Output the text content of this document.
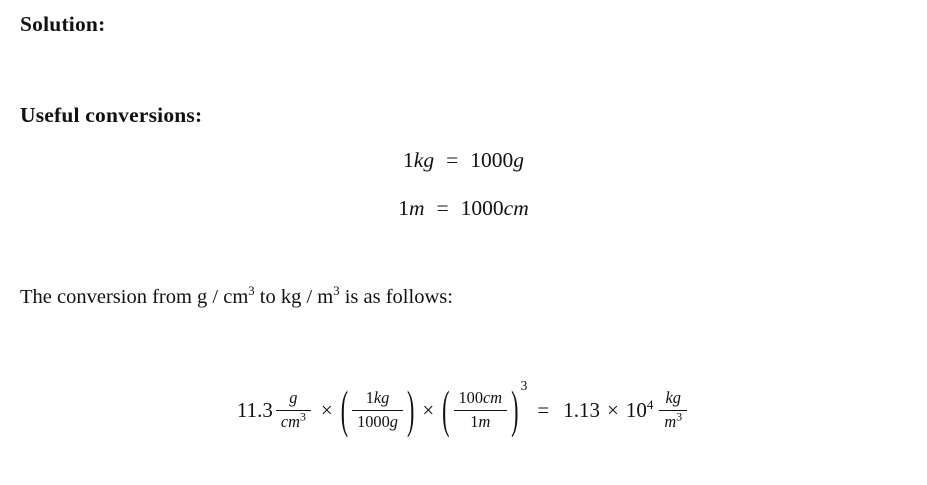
Solution:
Useful conversions:
1kg = 1000g
1m = 1000cm

The conversion from g / $cm^3$ to kg / $m^3$ is as follows:

$11.3 \frac{g}{cm^3}$ × ( $\frac{1kg}{1000g}$ ) × ( $\frac{100cm}{1m}$ ) 3
= $1.13 \times 10^4 \frac{kg}{m^3}$
